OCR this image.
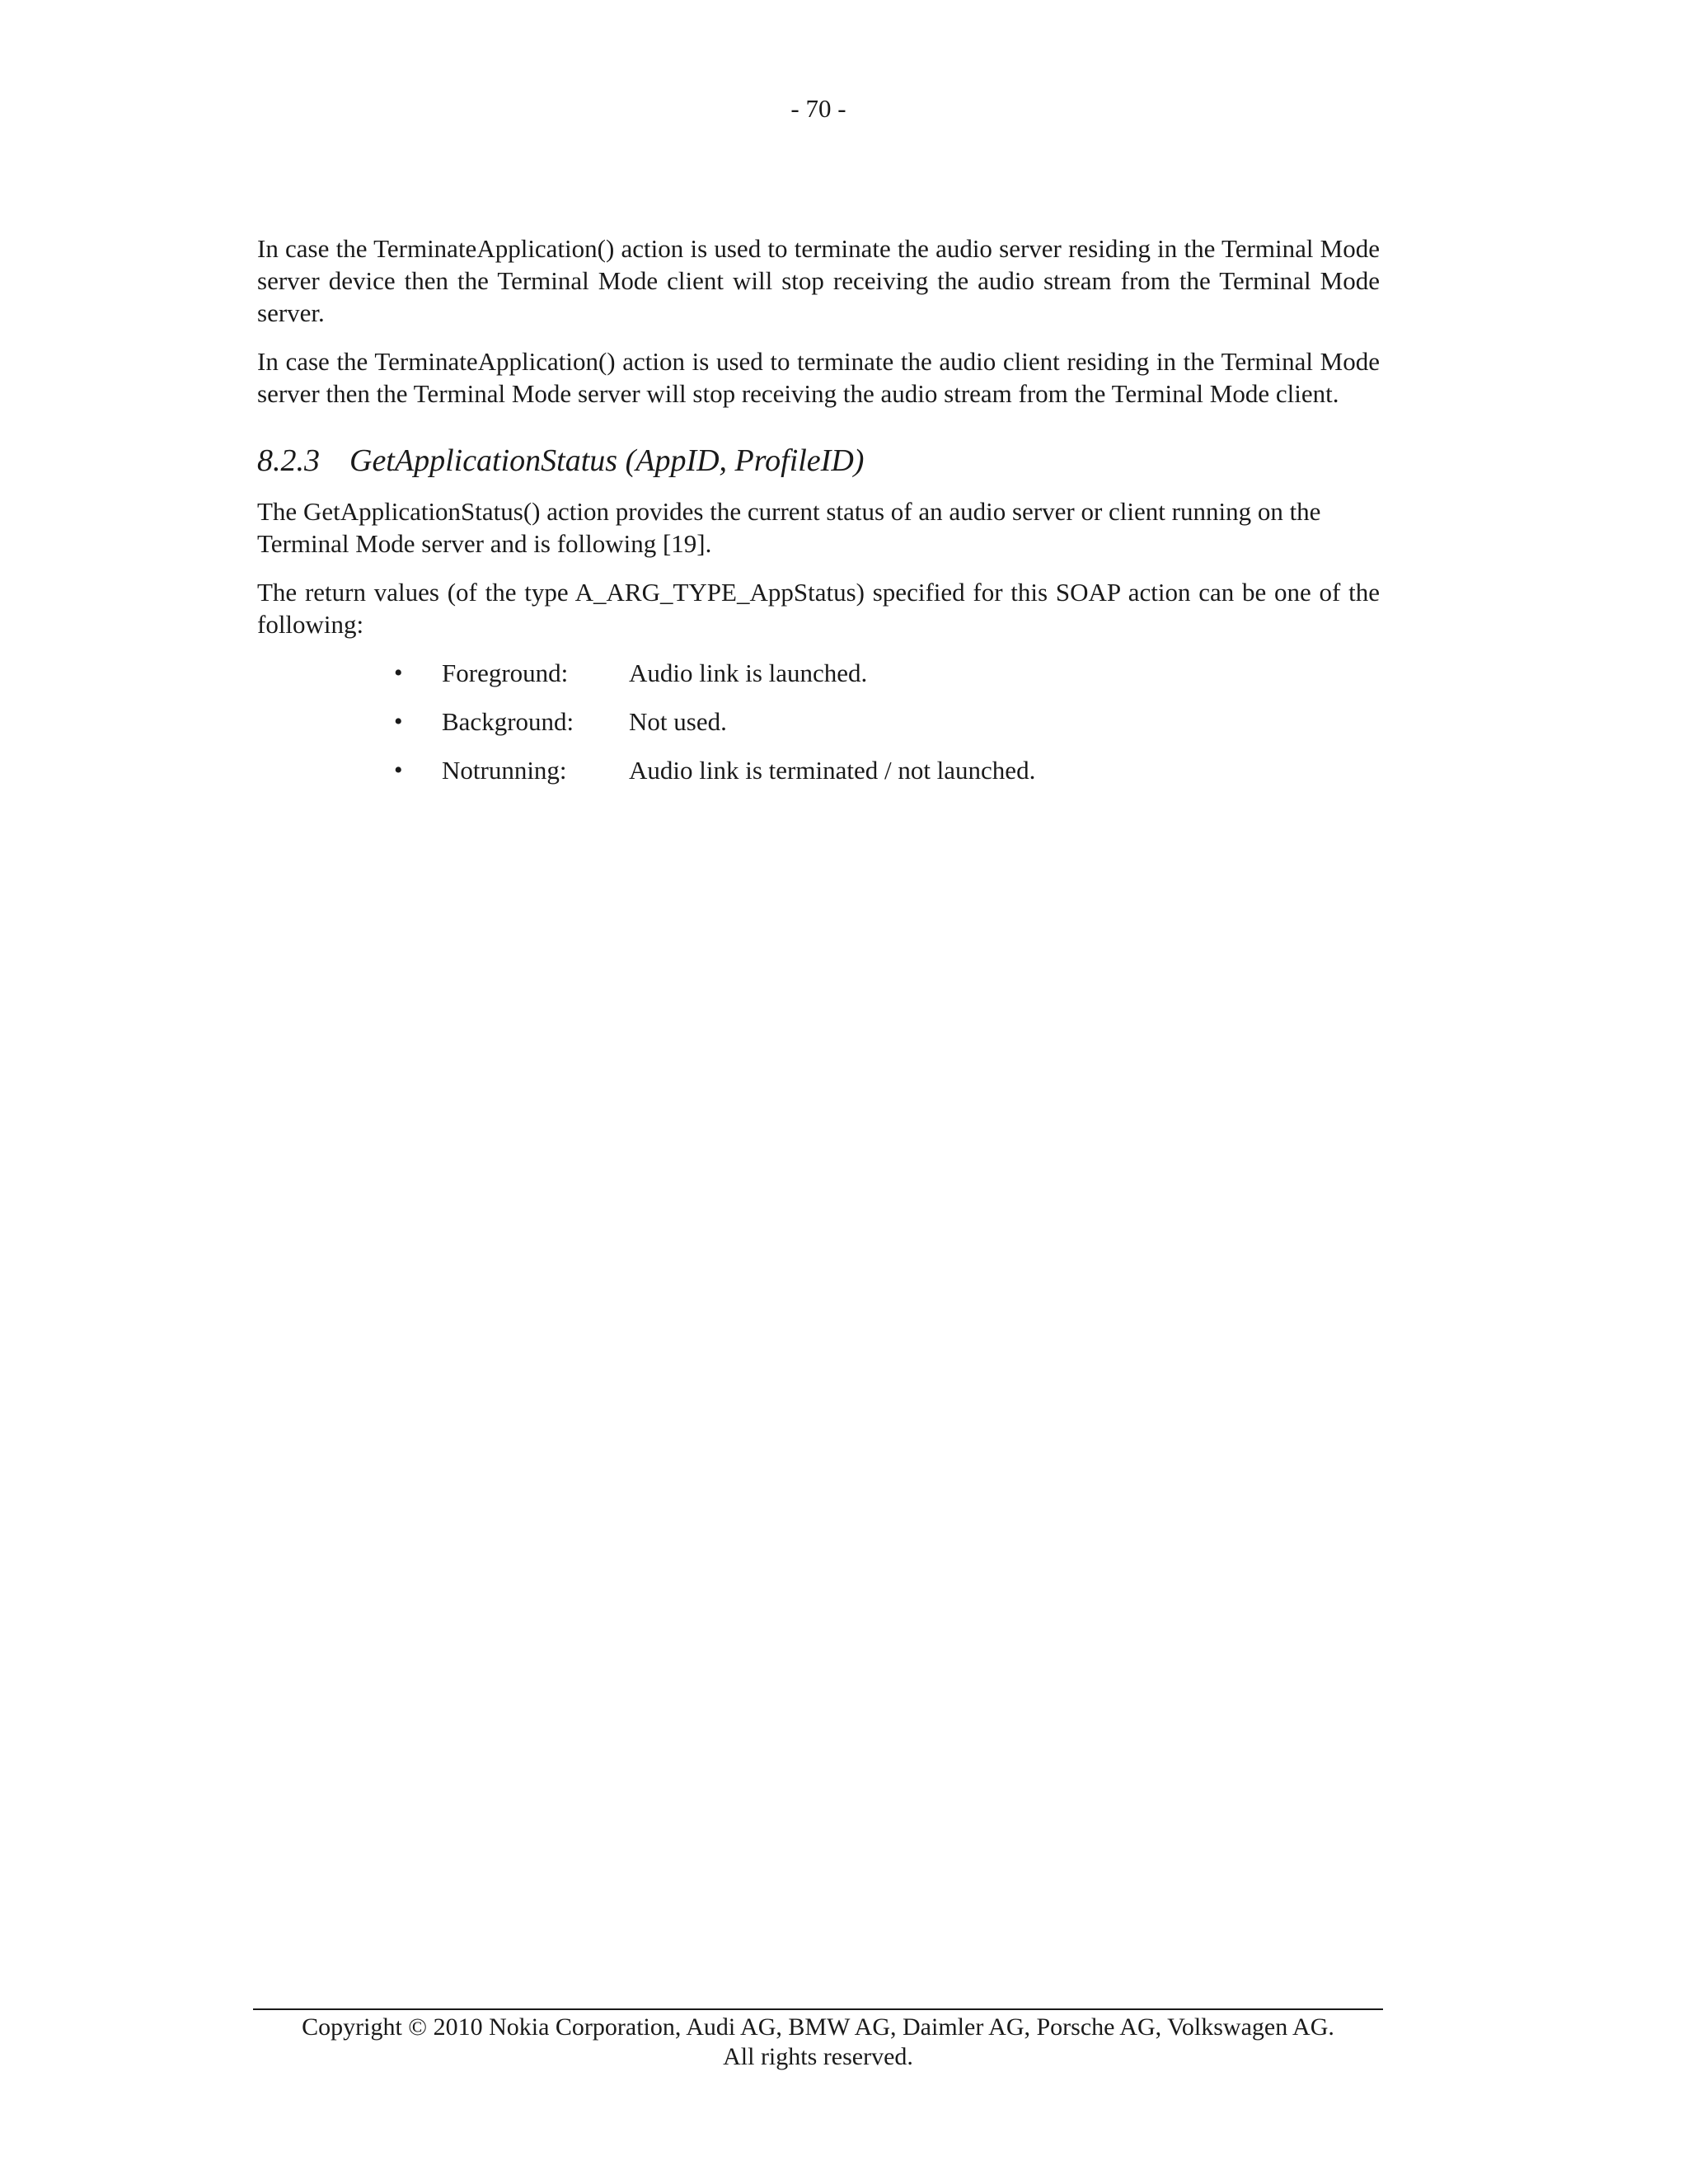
- 70 -

In case the TerminateApplication() action is used to terminate the audio server residing in the Terminal Mode server device then the Terminal Mode client will stop receiving the audio stream from the Terminal Mode server.

In case the TerminateApplication() action is used to terminate the audio client residing in the Terminal Mode server then the Terminal Mode server will stop receiving the audio stream from the Terminal Mode client.

8.2.3 GetApplicationStatus (AppID, ProfileID)

The GetApplicationStatus() action provides the current status of an audio server or client running on the Terminal Mode server and is following [19].

The return values (of the type A_ARG_TYPE_AppStatus) specified for this SOAP action can be one of the following:

•	Foreground:	Audio link is launched.
•	Background:	Not used.
•	Notrunning:	Audio link is terminated / not launched.
Copyright © 2010 Nokia Corporation, Audi AG, BMW AG, Daimler AG, Porsche AG, Volkswagen AG.
All rights reserved.
